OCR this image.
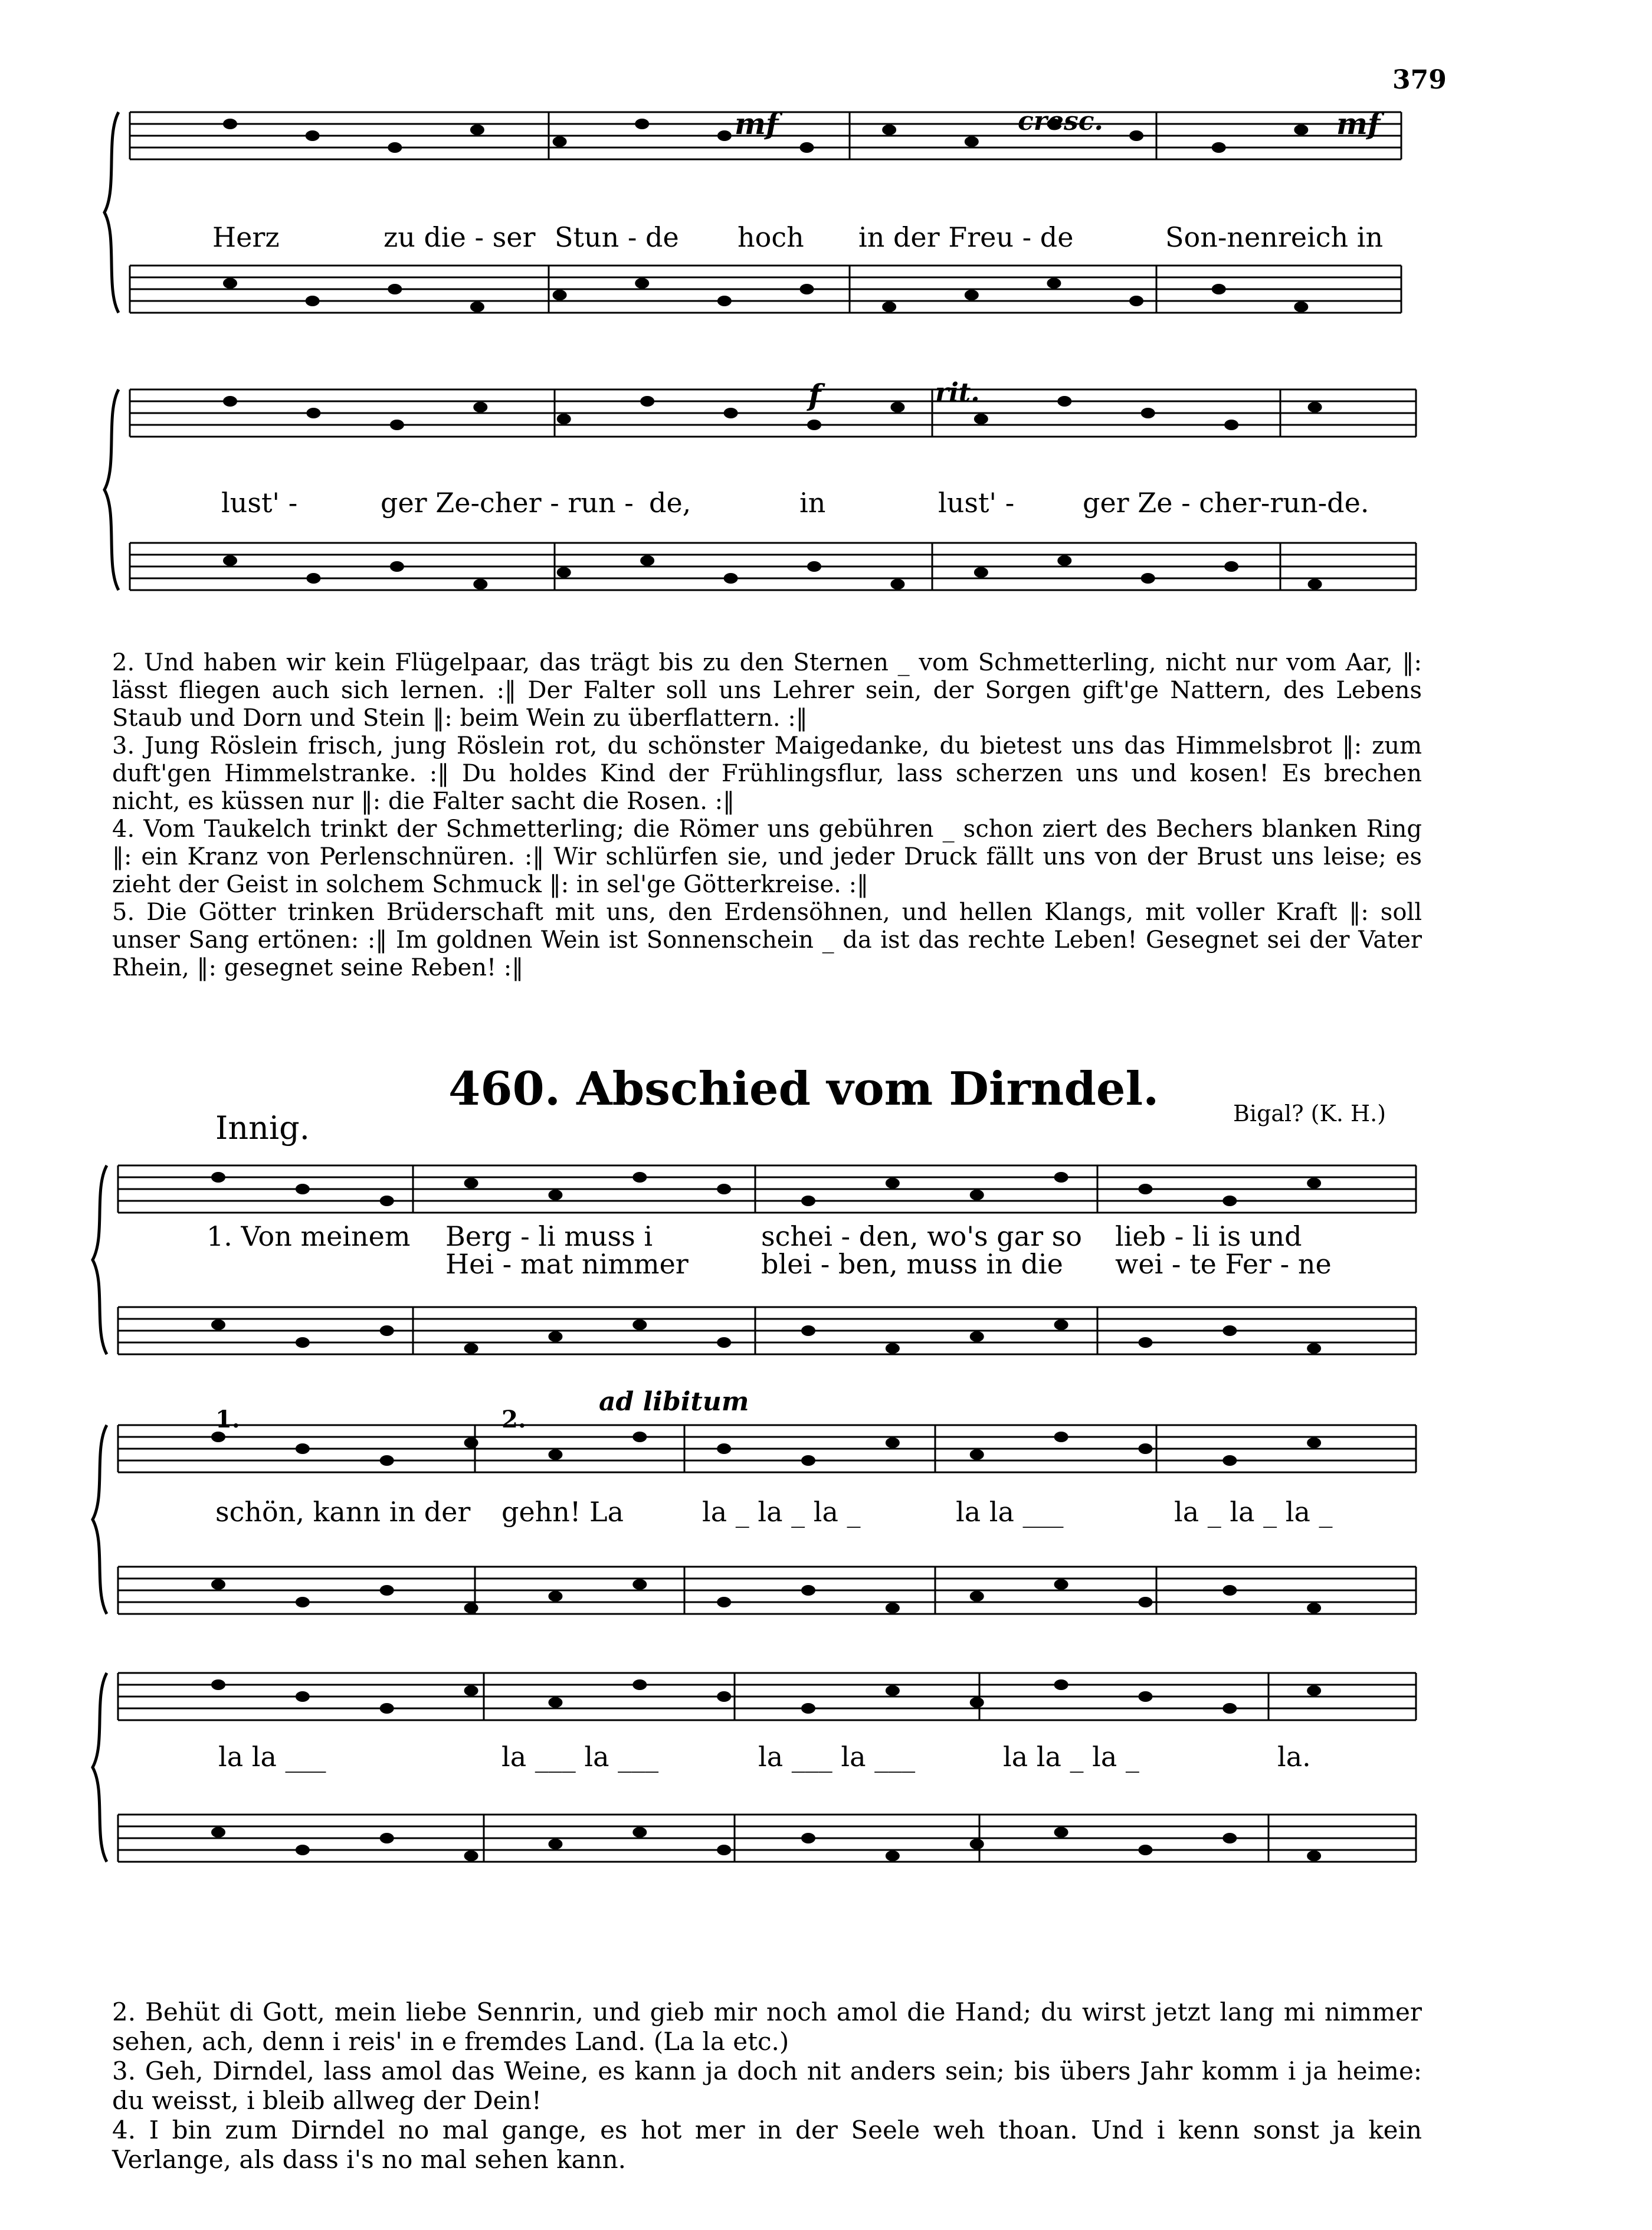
379
mf	cresc.	mf
f	rit.
Herz	zu die - ser Stun - de hoch in der Freu - de	Son-nenreich in
lust' -	ger Ze-cher - run - de,	in	lust' -	ger Ze - cher-run-de.

2. Und haben wir kein Flügelpaar, das trägt bis zu den Sternen _ vom Schmetterling, nicht nur vom Aar, ‖: lässt fliegen auch sich lernen. :‖ Der Falter soll uns Lehrer sein, der Sorgen gift'ge Nattern, des Lebens Staub und Dorn und Stein ‖: beim Wein zu überflattern. :‖

3. Jung Röslein frisch, jung Röslein rot, du schönster Maigedanke, du bietest uns das Himmelsbrot ‖: zum duft'gen Himmelstranke. :‖ Du holdes Kind der Frühlingsflur, lass scherzen uns und kosen! Es brechen nicht, es küssen nur ‖: die Falter sacht die Rosen. :‖

4. Vom Taukelch trinkt der Schmetterling; die Römer uns gebühren _ schon ziert des Bechers blanken Ring ‖: ein Kranz von Perlenschnüren. :‖ Wir schlürfen sie, und jeder Druck fällt uns von der Brust uns leise; es zieht der Geist in solchem Schmuck ‖: in sel'ge Götterkreise. :‖

5. Die Götter trinken Brüderschaft mit uns, den Erdensöhnen, und hellen Klangs, mit voller Kraft ‖: soll unser Sang ertönen: :‖ Im goldnen Wein ist Sonnenschein _ da ist das rechte Leben! Gesegnet sei der Vater Rhein, ‖: gesegnet seine Reben! :‖

460. Abschied vom Dirndel.
Innig.	Bigal? (K. H.)
ad libitum
1.	2.
1. Von meinem Berg - li muss i	schei - den, wo's gar so lieb - li is und
Hei - mat nimmer	blei - ben, muss in die wei - te Fer - ne
schön, kann in der gehn! La	la _ la _ la _	la la ___	la _ la _ la _
la la ___	la ___ la ___	la ___ la ___	la la _ la _	la.

2. Behüt di Gott, mein liebe Sennrin, und gieb mir noch amol die Hand; du wirst jetzt lang mi nimmer sehen, ach, denn i reis' in e fremdes Land. (La la etc.)

3. Geh, Dirndel, lass amol das Weine, es kann ja doch nit anders sein; bis übers Jahr komm i ja heime: du weisst, i bleib allweg der Dein!

4. I bin zum Dirndel no mal gange, es hot mer in der Seele weh thoan. Und i kenn sonst ja kein Verlange, als dass i's no mal sehen kann.
